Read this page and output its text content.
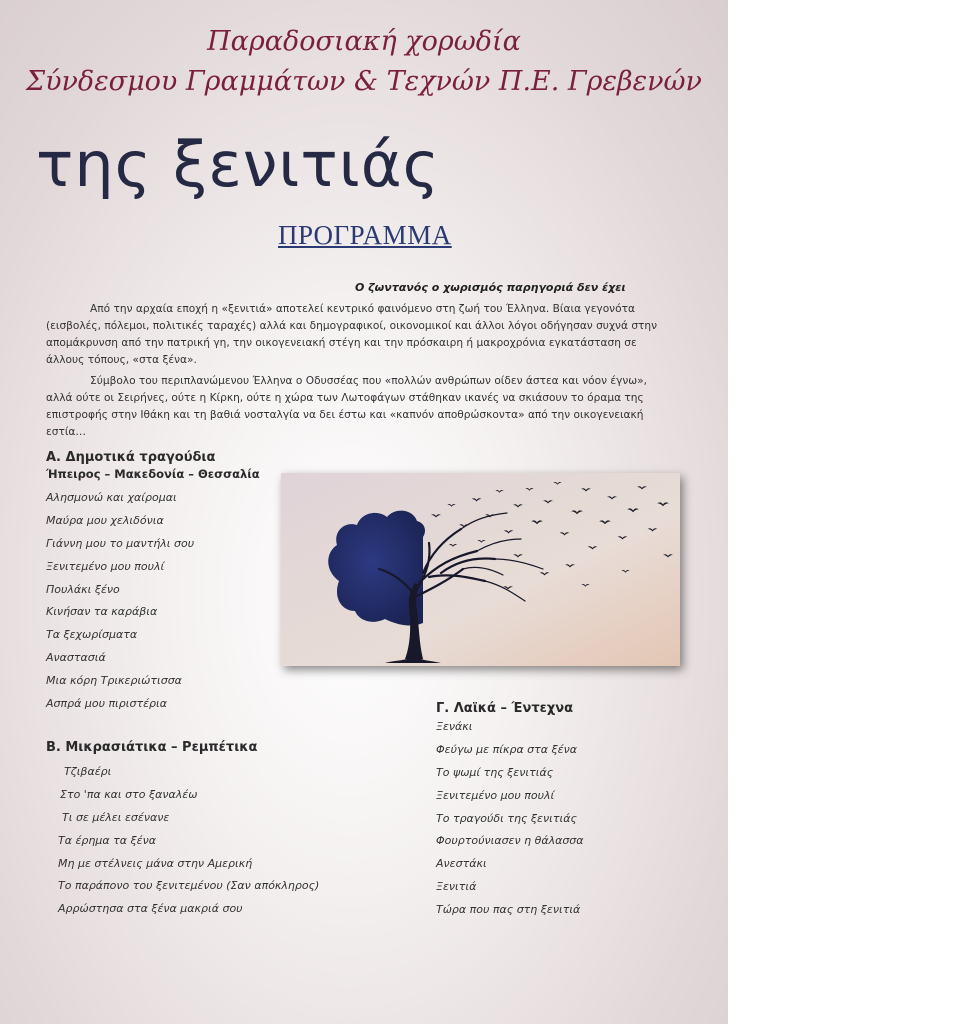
Παραδοσιακή χορωδία
Σύνδεσμου Γραμμάτων & Τεχνών Π.Ε. Γρεβενών
της ξενιτιάς
ΠΡΟΓΡΑΜΜΑ
Ο ζωντανός ο χωρισμός παρηγοριά δεν έχει

Από την αρχαία εποχή η «ξενιτιά» αποτελεί κεντρικό φαινόμενο στη ζωή του Έλληνα. Βίαια γεγονότα (εισβολές, πόλεμοι, πολιτικές ταραχές) αλλά και δημογραφικοί, οικονομικοί και άλλοι λόγοι οδήγησαν συχνά στην απομάκρυνση από την πατρική γη, την οικογενειακή στέγη και την πρόσκαιρη ή μακροχρόνια εγκατάσταση σε άλλους τόπους, «στα ξένα».

Σύμβολο του περιπλανώμενου Έλληνα ο Οδυσσέας που «πολλών ανθρώπων οίδεν άστεα και νόον έγνω», αλλά ούτε οι Σειρήνες, ούτε η Κίρκη, ούτε η χώρα των Λωτοφάγων στάθηκαν ικανές να σκιάσουν το όραμα της επιστροφής στην Ιθάκη και τη βαθιά νοσταλγία να δει έστω και «καπνόν αποθρώσκοντα» από την οικογενειακή εστία…

Α. Δημοτικά τραγούδια
Ήπειρος – Μακεδονία – Θεσσαλία
Αλησμονώ και χαίρομαι
Μαύρα μου χελιδόνια
Γιάννη μου το μαντήλι σου
Ξενιτεμένο μου πουλί
Πουλάκι ξένο
Κινήσαν τα καράβια
Τα ξεχωρίσματα
Αναστασιά
Μια κόρη Τρικεριώτισσα
Ασπρά μου πιριστέρια
Β. Μικρασιάτικα – Ρεμπέτικα
Τζιβαέρι
Στο 'πα και στο ξαναλέω
Τι σε μέλει εσένανε
Τα έρημα τα ξένα
Μη με στέλνεις μάνα στην Αμερική
Το παράπονο του ξενιτεμένου (Σαν απόκληρος)
Αρρώστησα στα ξένα μακριά σου
Γ. Λαϊκά – Έντεχνα
Ξενάκι
Φεύγω με πίκρα στα ξένα
Το ψωμί της ξενιτιάς
Ξενιτεμένο μου πουλί
Το τραγούδι της ξενιτιάς
Φουρτούνιασεν η θάλασσα
Ανεστάκι
Ξενιτιά
Τώρα που πας στη ξενιτιά
